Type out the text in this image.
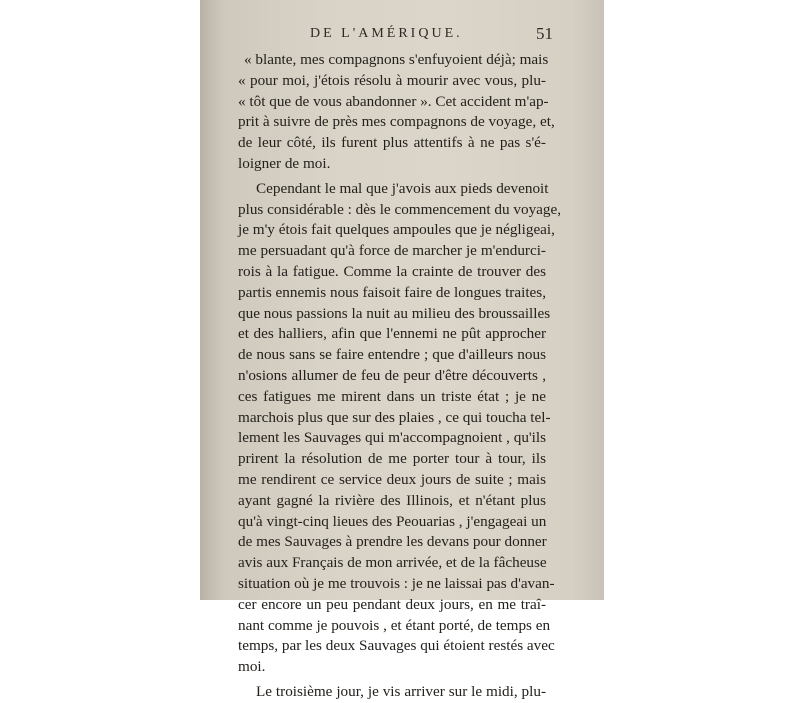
DE L'AMÉRIQUE.	51
« blante, mes compagnons s'enfuyoient déjà; mais
« pour moi, j'étois résolu à mourir avec vous, plu-
« tôt que de vous abandonner ». Cet accident m'ap-
prit à suivre de près mes compagnons de voyage, et,
de leur côté, ils furent plus attentifs à ne pas s'é-
loigner de moi.
Cependant le mal que j'avois aux pieds devenoit
plus considérable : dès le commencement du voyage,
je m'y étois fait quelques ampoules que je négligeai,
me persuadant qu'à force de marcher je m'endurci-
rois à la fatigue. Comme la crainte de trouver des
partis ennemis nous faisoit faire de longues traites,
que nous passions la nuit au milieu des broussailles
et des halliers, afin que l'ennemi ne pût approcher
de nous sans se faire entendre ; que d'ailleurs nous
n'osions allumer de feu de peur d'être découverts ,
ces fatigues me mirent dans un triste état ; je ne
marchois plus que sur des plaies , ce qui toucha tel-
lement les Sauvages qui m'accompagnoient , qu'ils
prirent la résolution de me porter tour à tour, ils
me rendirent ce service deux jours de suite ; mais
ayant gagné la rivière des Illinois, et n'étant plus
qu'à vingt-cinq lieues des Peouarias , j'engageai un
de mes Sauvages à prendre les devans pour donner
avis aux Français de mon arrivée, et de la fâcheuse
situation où je me trouvois : je ne laissai pas d'avan-
cer encore un peu pendant deux jours, en me traî-
nant comme je pouvois , et étant porté, de temps en
temps, par les deux Sauvages qui étoient restés avec
moi.
Le troisième jour, je vis arriver sur le midi, plu-
